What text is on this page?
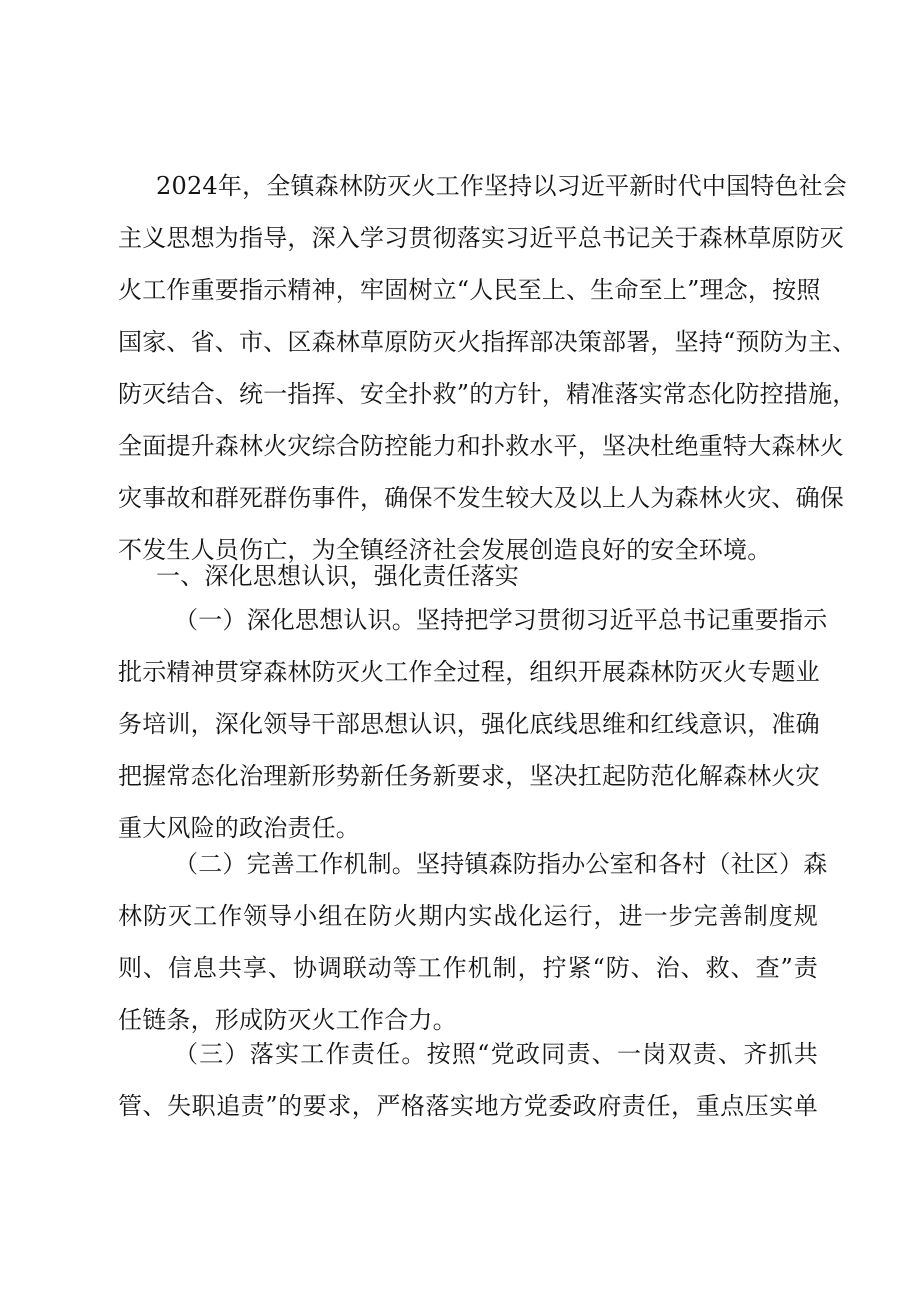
2024年，全镇森林防灭火工作坚持以习近平新时代中国特色社会
主义思想为指导，深入学习贯彻落实习近平总书记关于森林草原防灭
火工作重要指示精神，牢固树立“人民至上、生命至上”理念，按照
国家、省、市、区森林草原防灭火指挥部决策部署，坚持“预防为主、
防灭结合、统一指挥、安全扑救”的方针，精准落实常态化防控措施，
全面提升森林火灾综合防控能力和扑救水平，坚决杜绝重特大森林火
灾事故和群死群伤事件，确保不发生较大及以上人为森林火灾、确保
不发生人员伤亡，为全镇经济社会发展创造良好的安全环境。
一、深化思想认识，强化责任落实
（一）深化思想认识。坚持把学习贯彻习近平总书记重要指示
批示精神贯穿森林防灭火工作全过程，组织开展森林防灭火专题业
务培训，深化领导干部思想认识，强化底线思维和红线意识，准确
把握常态化治理新形势新任务新要求，坚决扛起防范化解森林火灾
重大风险的政治责任。
（二）完善工作机制。坚持镇森防指办公室和各村（社区）森
林防灭工作领导小组在防火期内实战化运行，进一步完善制度规
则、信息共享、协调联动等工作机制，拧紧“防、治、救、查”责
任链条，形成防灭火工作合力。
（三）落实工作责任。按照“党政同责、一岗双责、齐抓共
管、失职追责”的要求，严格落实地方党委政府责任，重点压实单
